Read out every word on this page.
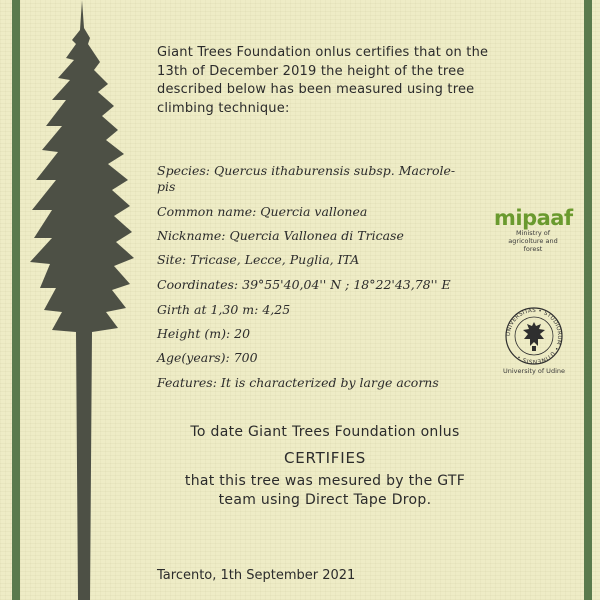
Giant Trees Foundation onlus certifies that on the 13th of December 2019 the height of the tree described below has been measured using tree climbing technique:
Species: Quercus ithaburensis subsp. Macrole-
pis
Common name: Quercia vallonea
Nickname: Quercia Vallonea di Tricase
Site: Tricase, Lecce, Puglia, ITA
Coordinates: 39°55'40,04'' N ; 18°22'43,78'' E
Girth at 1,30 m: 4,25
Height (m): 20
Age(years): 700
Features: It is characterized by large acorns
mipaaf
Ministry of agricolture and forest
UNIVERSITAS • STUDIORUM • UTINENSIS •
University of Udine
To date Giant Trees Foundation onlus
CERTIFIES
that this tree was mesured by the GTF
team using Direct Tape Drop.
Tarcento, 1th September 2021
